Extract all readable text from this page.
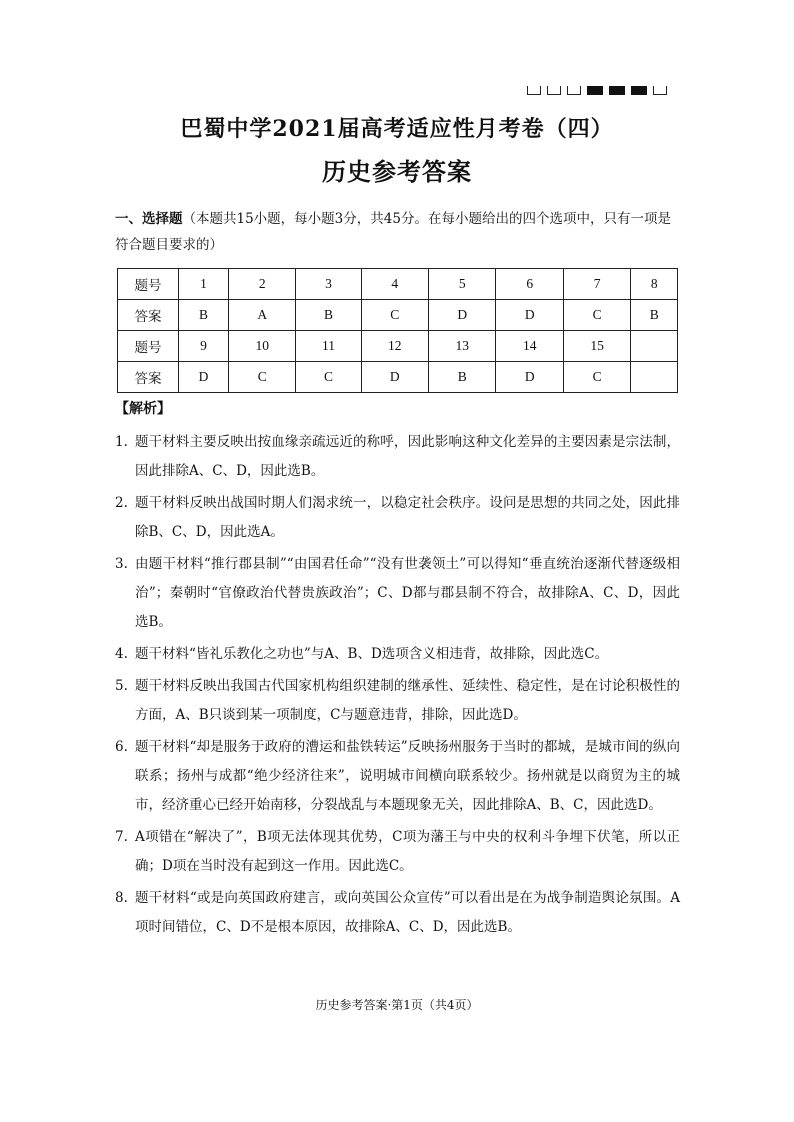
巴蜀中学2021届高考适应性月考卷（四）
历史参考答案
一、选择题（本题共15小题，每小题3分，共45分。在每小题给出的四个选项中，只有一项是符合题目要求的）
题号	1	2	3	4	5	6	7	8
答案	B	A	B	C	D	D	C	B
题号	9	10	11	12	13	14	15	
答案	D	C	C	D	B	D	C	
【解析】
1. 题干材料主要反映出按血缘亲疏远近的称呼，因此影响这种文化差异的主要因素是宗法制，因此排除A、C、D，因此选B。
2. 题干材料反映出战国时期人们渴求统一，以稳定社会秩序。设问是思想的共同之处，因此排除B、C、D，因此选A。
3. 由题干材料“推行郡县制”“由国君任命”“没有世袭领土”可以得知“垂直统治逐渐代替逐级相治”；秦朝时“官僚政治代替贵族政治”；C、D都与郡县制不符合，故排除A、C、D，因此选B。
4. 题干材料“皆礼乐教化之功也”与A、B、D选项含义相违背，故排除，因此选C。
5. 题干材料反映出我国古代国家机构组织建制的继承性、延续性、稳定性，是在讨论积极性的方面，A、B只谈到某一项制度，C与题意违背，排除，因此选D。
6. 题干材料“却是服务于政府的漕运和盐铁转运”反映扬州服务于当时的都城，是城市间的纵向联系；扬州与成都“绝少经济往来”，说明城市间横向联系较少。扬州就是以商贸为主的城市，经济重心已经开始南移，分裂战乱与本题现象无关，因此排除A、B、C，因此选D。
7. A项错在“解决了”，B项无法体现其优势，C项为藩王与中央的权利斗争埋下伏笔，所以正确；D项在当时没有起到这一作用。因此选C。
8. 题干材料“或是向英国政府建言，或向英国公众宣传”可以看出是在为战争制造舆论氛围。A项时间错位，C、D不是根本原因，故排除A、C、D，因此选B。
历史参考答案·第1页（共4页）
